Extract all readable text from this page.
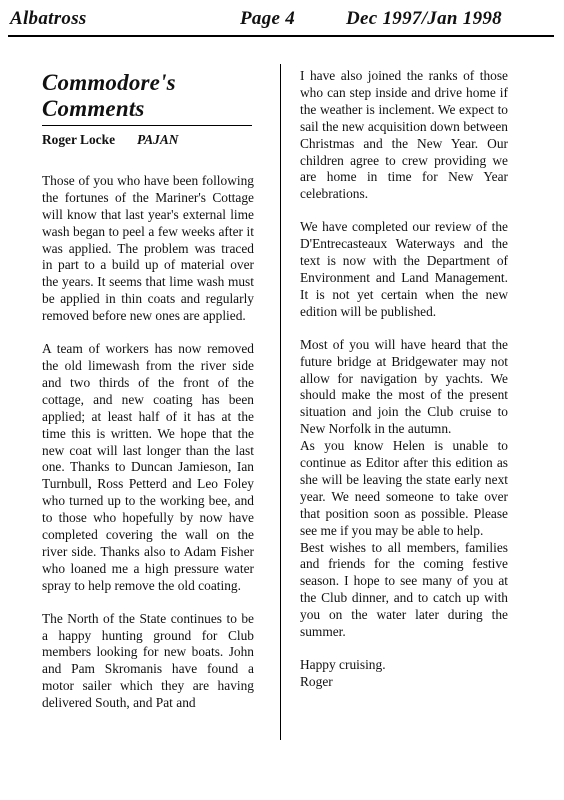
Albatross	Page 4	Dec 1997/Jan 1998
Commodore's Comments
Roger Locke PAJAN

Those of you who have been following the fortunes of the Mariner's Cottage will know that last year's external lime wash began to peel a few weeks after it was applied. The problem was traced in part to a build up of material over the years. It seems that lime wash must be applied in thin coats and regularly removed before new ones are applied.

A team of workers has now removed the old limewash from the river side and two thirds of the front of the cottage, and new coating has been applied; at least half of it has at the time this is written. We hope that the new coat will last longer than the last one. Thanks to Duncan Jamieson, Ian Turnbull, Ross Petterd and Leo Foley who turned up to the working bee, and to those who hopefully by now have completed covering the wall on the river side. Thanks also to Adam Fisher who loaned me a high pressure water spray to help remove the old coating.

The North of the State continues to be a happy hunting ground for Club members looking for new boats. John and Pam Skromanis have found a motor sailer which they are having delivered South, and Pat and

I have also joined the ranks of those who can step inside and drive home if the weather is inclement. We expect to sail the new acquisition down between Christmas and the New Year. Our children agree to crew providing we are home in time for New Year celebrations.

We have completed our review of the D'Entrecasteaux Waterways and the text is now with the Department of Environment and Land Management. It is not yet certain when the new edition will be published.

Most of you will have heard that the future bridge at Bridgewater may not allow for navigation by yachts. We should make the most of the present situation and join the Club cruise to New Norfolk in the autumn.

As you know Helen is unable to continue as Editor after this edition as she will be leaving the state early next year. We need someone to take over that position soon as possible. Please see me if you may be able to help.

Best wishes to all members, families and friends for the coming festive season. I hope to see many of you at the Club dinner, and to catch up with you on the water later during the summer.

Happy cruising.

Roger
